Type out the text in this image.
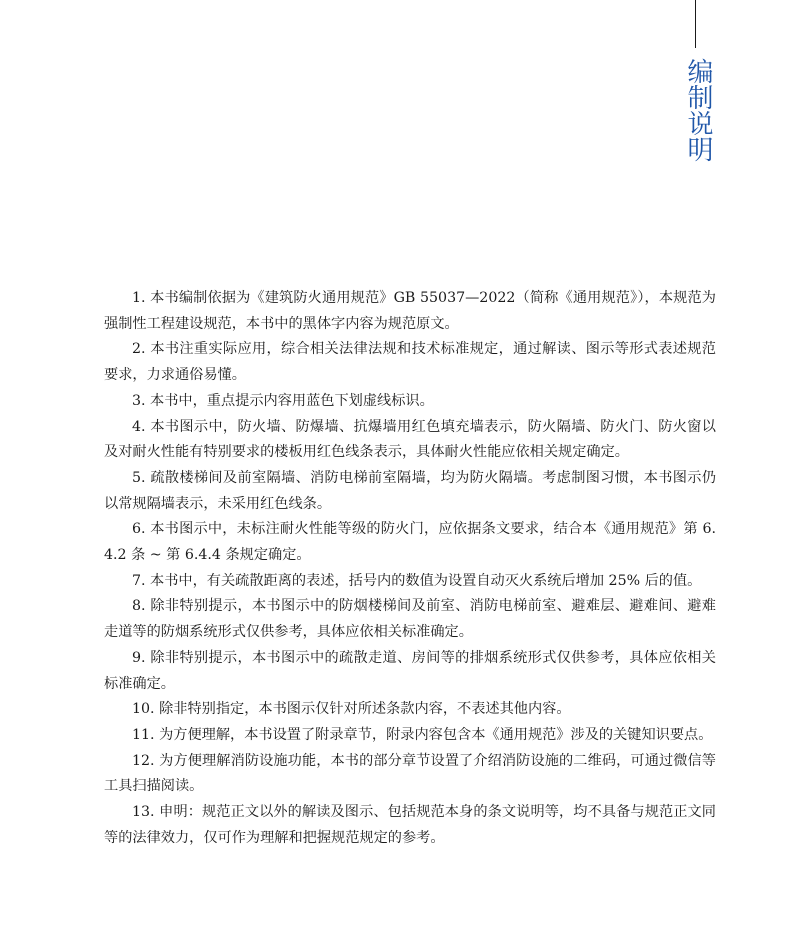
编制说明

1. 本书编制依据为《建筑防火通用规范》GB 55037—2022（简称《通用规范》），本规范为强制性工程建设规范，本书中的黑体字内容为规范原文。

2. 本书注重实际应用，综合相关法律法规和技术标准规定，通过解读、图示等形式表述规范要求，力求通俗易懂。

3. 本书中，重点提示内容用蓝色下划虚线标识。

4. 本书图示中，防火墙、防爆墙、抗爆墙用红色填充墙表示，防火隔墙、防火门、防火窗以及对耐火性能有特别要求的楼板用红色线条表示，具体耐火性能应依相关规定确定。

5. 疏散楼梯间及前室隔墙、消防电梯前室隔墙，均为防火隔墙。考虑制图习惯，本书图示仍以常规隔墙表示，未采用红色线条。

6. 本书图示中，未标注耐火性能等级的防火门，应依据条文要求，结合本《通用规范》第 6.4.2 条 ~ 第 6.4.4 条规定确定。

7. 本书中，有关疏散距离的表述，括号内的数值为设置自动灭火系统后增加 25% 后的值。

8. 除非特别提示，本书图示中的防烟楼梯间及前室、消防电梯前室、避难层、避难间、避难走道等的防烟系统形式仅供参考，具体应依相关标准确定。

9. 除非特别提示，本书图示中的疏散走道、房间等的排烟系统形式仅供参考，具体应依相关标准确定。

10. 除非特别指定，本书图示仅针对所述条款内容，不表述其他内容。

11. 为方便理解，本书设置了附录章节，附录内容包含本《通用规范》涉及的关键知识要点。

12. 为方便理解消防设施功能，本书的部分章节设置了介绍消防设施的二维码，可通过微信等工具扫描阅读。

13. 申明：规范正文以外的解读及图示、包括规范本身的条文说明等，均不具备与规范正文同等的法律效力，仅可作为理解和把握规范规定的参考。
